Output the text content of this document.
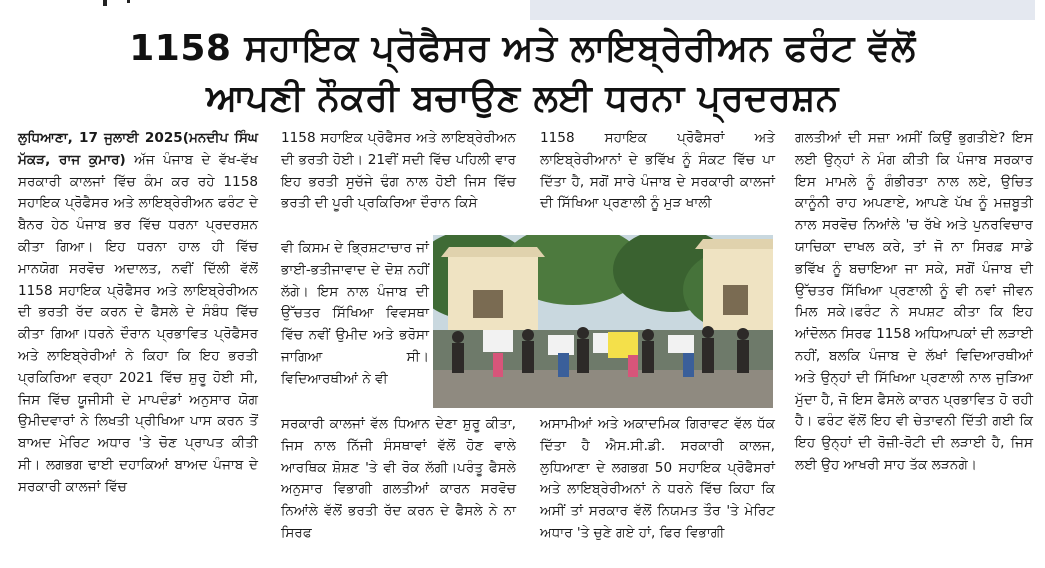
1158 ਸਹਾਇਕ ਪ੍ਰੋਫੈਸਰ ਅਤੇ ਲਾਇਬ੍ਰੇਰੀਅਨ ਫਰੰਟ ਵੱਲੋਂ
ਆਪਣੀ ਨੌਕਰੀ ਬਚਾਉਣ ਲਈ ਧਰਨਾ ਪ੍ਰਦਰਸ਼ਨ

ਲੁਧਿਆਣਾ, 17 ਜੁਲਾਈ 2025(ਮਨਦੀਪ ਸਿੰਘ ਮੱਕੜ, ਰਾਜ ਕੁਮਾਰ) ਅੱਜ ਪੰਜਾਬ ਦੇ ਵੱਖ-ਵੱਖ ਸਰਕਾਰੀ ਕਾਲਜਾਂ ਵਿੱਚ ਕੰਮ ਕਰ ਰਹੇ 1158 ਸਹਾਇਕ ਪ੍ਰੋਫੈਸਰ ਅਤੇ ਲਾਇਬ੍ਰੇਰੀਅਨ ਫਰੰਟ ਦੇ ਬੈਨਰ ਹੇਠ ਪੰਜਾਬ ਭਰ ਵਿੱਚ ਧਰਨਾ ਪ੍ਰਦਰਸ਼ਨ ਕੀਤਾ ਗਿਆ। ਇਹ ਧਰਨਾ ਹਾਲ ਹੀ ਵਿੱਚ ਮਾਨਯੋਗ ਸਰਵੋਚ ਅਦਾਲਤ, ਨਵੀਂ ਦਿੱਲੀ ਵੱਲੋਂ 1158 ਸਹਾਇਕ ਪ੍ਰੋਫੈਸਰ ਅਤੇ ਲਾਇਬ੍ਰੇਰੀਅਨ ਦੀ ਭਰਤੀ ਰੱਦ ਕਰਨ ਦੇ ਫੈਸਲੇ ਦੇ ਸੰਬੰਧ ਵਿੱਚ ਕੀਤਾ ਗਿਆ।ਧਰਨੇ ਦੌਰਾਨ ਪ੍ਰਭਾਵਿਤ ਪ੍ਰੋਫੈਸਰ ਅਤੇ ਲਾਇਬ੍ਰੇਰੀਆਂ ਨੇ ਕਿਹਾ ਕਿ ਇਹ ਭਰਤੀ ਪ੍ਰਕਿਰਿਆ ਵਰ੍ਹਾ 2021 ਵਿੱਚ ਸ਼ੁਰੂ ਹੋਈ ਸੀ, ਜਿਸ ਵਿੱਚ ਯੂਜੀਸੀ ਦੇ ਮਾਪਦੰਡਾਂ ਅਨੁਸਾਰ ਯੋਗ ਉਮੀਦਵਾਰਾਂ ਨੇ ਲਿਖਤੀ ਪ੍ਰੀਖਿਆ ਪਾਸ ਕਰਨ ਤੋਂ ਬਾਅਦ ਮੇਰਿਟ ਅਧਾਰ 'ਤੇ ਚੋਣ ਪ੍ਰਾਪਤ ਕੀਤੀ ਸੀ। ਲਗਭਗ ਢਾਈ ਦਹਾਕਿਆਂ ਬਾਅਦ ਪੰਜਾਬ ਦੇ ਸਰਕਾਰੀ ਕਾਲਜਾਂ ਵਿੱਚ

1158 ਸਹਾਇਕ ਪ੍ਰੋਫੈਸਰ ਅਤੇ ਲਾਇਬ੍ਰੇਰੀਅਨ ਦੀ ਭਰਤੀ ਹੋਈ। 21ਵੀਂ ਸਦੀ ਵਿੱਚ ਪਹਿਲੀ ਵਾਰ ਇਹ ਭਰਤੀ ਸੁਚੱਜੇ ਢੰਗ ਨਾਲ ਹੋਈ ਜਿਸ ਵਿੱਚ ਭਰਤੀ ਦੀ ਪੂਰੀ ਪ੍ਰਕਿਰਿਆ ਦੌਰਾਨ ਕਿਸੇ

ਵੀ ਕਿਸਮ ਦੇ ਭ੍ਰਿਸ਼ਟਾਚਾਰ ਜਾਂ ਭਾਈ-ਭਤੀਜਾਵਾਦ ਦੇ ਦੋਸ਼ ਨਹੀਂ ਲੱਗੇ। ਇਸ ਨਾਲ ਪੰਜਾਬ ਦੀ ਉੱਚਤਰ ਸਿੱਖਿਆ ਵਿਵਸਥਾ ਵਿੱਚ ਨਵੀਂ ਉਮੀਦ ਅਤੇ ਭਰੋਸਾ ਜਾਗਿਆ ਸੀ। ਵਿਦਿਆਰਥੀਆਂ ਨੇ ਵੀ

ਸਰਕਾਰੀ ਕਾਲਜਾਂ ਵੱਲ ਧਿਆਨ ਦੇਣਾ ਸ਼ੁਰੂ ਕੀਤਾ, ਜਿਸ ਨਾਲ ਨਿੱਜੀ ਸੰਸਥਾਵਾਂ ਵੱਲੋਂ ਹੋਣ ਵਾਲੇ ਆਰਥਿਕ ਸ਼ੋਸ਼ਣ 'ਤੇ ਵੀ ਰੋਕ ਲੱਗੀ।ਪਰੰਤੂ ਫੈਸਲੇ ਅਨੁਸਾਰ ਵਿਭਾਗੀ ਗਲਤੀਆਂ ਕਾਰਨ ਸਰਵੋਚ ਨਿਆਂਲੇ ਵੱਲੋਂ ਭਰਤੀ ਰੱਦ ਕਰਨ ਦੇ ਫੈਸਲੇ ਨੇ ਨਾ ਸਿਰਫ

1158 ਸਹਾਇਕ ਪ੍ਰੋਫੈਸਰਾਂ ਅਤੇ ਲਾਇਬ੍ਰੇਰੀਆਨਾਂ ਦੇ ਭਵਿੱਖ ਨੂੰ ਸੰਕਟ ਵਿੱਚ ਪਾ ਦਿੱਤਾ ਹੈ, ਸਗੋਂ ਸਾਰੇ ਪੰਜਾਬ ਦੇ ਸਰਕਾਰੀ ਕਾਲਜਾਂ ਦੀ ਸਿੱਖਿਆ ਪ੍ਰਣਾਲੀ ਨੂੰ ਮੁੜ ਖਾਲੀ

ਅਸਾਮੀਆਂ ਅਤੇ ਅਕਾਦਮਿਕ ਗਿਰਾਵਟ ਵੱਲ ਧੱਕ ਦਿੱਤਾ ਹੈ ਐਸ.ਸੀ.ਡੀ. ਸਰਕਾਰੀ ਕਾਲਜ, ਲੁਧਿਆਣਾ ਦੇ ਲਗਭਗ 50 ਸਹਾਇਕ ਪ੍ਰੋਫੈਸਰਾਂ ਅਤੇ ਲਾਇਬ੍ਰੇਰੀਅਨਾਂ ਨੇ ਧਰਨੇ ਵਿੱਚ ਕਿਹਾ ਕਿ ਅਸੀਂ ਤਾਂ ਸਰਕਾਰ ਵੱਲੋਂ ਨਿਯਮਤ ਤੌਰ 'ਤੇ ਮੇਰਿਟ ਅਧਾਰ 'ਤੇ ਚੁਣੇ ਗਏ ਹਾਂ, ਫਿਰ ਵਿਭਾਗੀ

ਗਲਤੀਆਂ ਦੀ ਸਜ਼ਾ ਅਸੀਂ ਕਿਉਂ ਭੁਗਤੀਏ? ਇਸ ਲਈ ਉਨ੍ਹਾਂ ਨੇ ਮੰਗ ਕੀਤੀ ਕਿ ਪੰਜਾਬ ਸਰਕਾਰ ਇਸ ਮਾਮਲੇ ਨੂੰ ਗੰਭੀਰਤਾ ਨਾਲ ਲਏ, ਉਚਿਤ ਕਾਨੂੰਨੀ ਰਾਹ ਅਪਣਾਏ, ਆਪਣੇ ਪੱਖ ਨੂੰ ਮਜ਼ਬੂਤੀ ਨਾਲ ਸਰਵੋਚ ਨਿਆਂਲੇ 'ਚ ਰੱਖੇ ਅਤੇ ਪੁਨਰਵਿਚਾਰ ਯਾਚਿਕਾ ਦਾਖਲ ਕਰੇ, ਤਾਂ ਜੋ ਨਾ ਸਿਰਫ਼ ਸਾਡੇ ਭਵਿੱਖ ਨੂੰ ਬਚਾਇਆ ਜਾ ਸਕੇ, ਸਗੋਂ ਪੰਜਾਬ ਦੀ ਉੱਚਤਰ ਸਿੱਖਿਆ ਪ੍ਰਣਾਲੀ ਨੂੰ ਵੀ ਨਵਾਂ ਜੀਵਨ ਮਿਲ ਸਕੇ।ਫਰੰਟ ਨੇ ਸਪਸ਼ਟ ਕੀਤਾ ਕਿ ਇਹ ਆਂਦੋਲਨ ਸਿਰਫ 1158 ਅਧਿਆਪਕਾਂ ਦੀ ਲੜਾਈ ਨਹੀਂ, ਬਲਕਿ ਪੰਜਾਬ ਦੇ ਲੱਖਾਂ ਵਿਦਿਆਰਥੀਆਂ ਅਤੇ ਉਨ੍ਹਾਂ ਦੀ ਸਿੱਖਿਆ ਪ੍ਰਣਾਲੀ ਨਾਲ ਜੁੜਿਆ ਮੁੱਦਾ ਹੈ, ਜੋ ਇਸ ਫੈਸਲੇ ਕਾਰਨ ਪ੍ਰਭਾਵਿਤ ਹੋ ਰਹੀ ਹੈ। ਫਰੰਟ ਵੱਲੋਂ ਇਹ ਵੀ ਚੇਤਾਵਨੀ ਦਿੱਤੀ ਗਈ ਕਿ ਇਹ ਉਨ੍ਹਾਂ ਦੀ ਰੋਜ਼ੀ-ਰੋਟੀ ਦੀ ਲੜਾਈ ਹੈ, ਜਿਸ ਲਈ ਉਹ ਆਖਰੀ ਸਾਹ ਤੱਕ ਲੜਨਗੇ।
